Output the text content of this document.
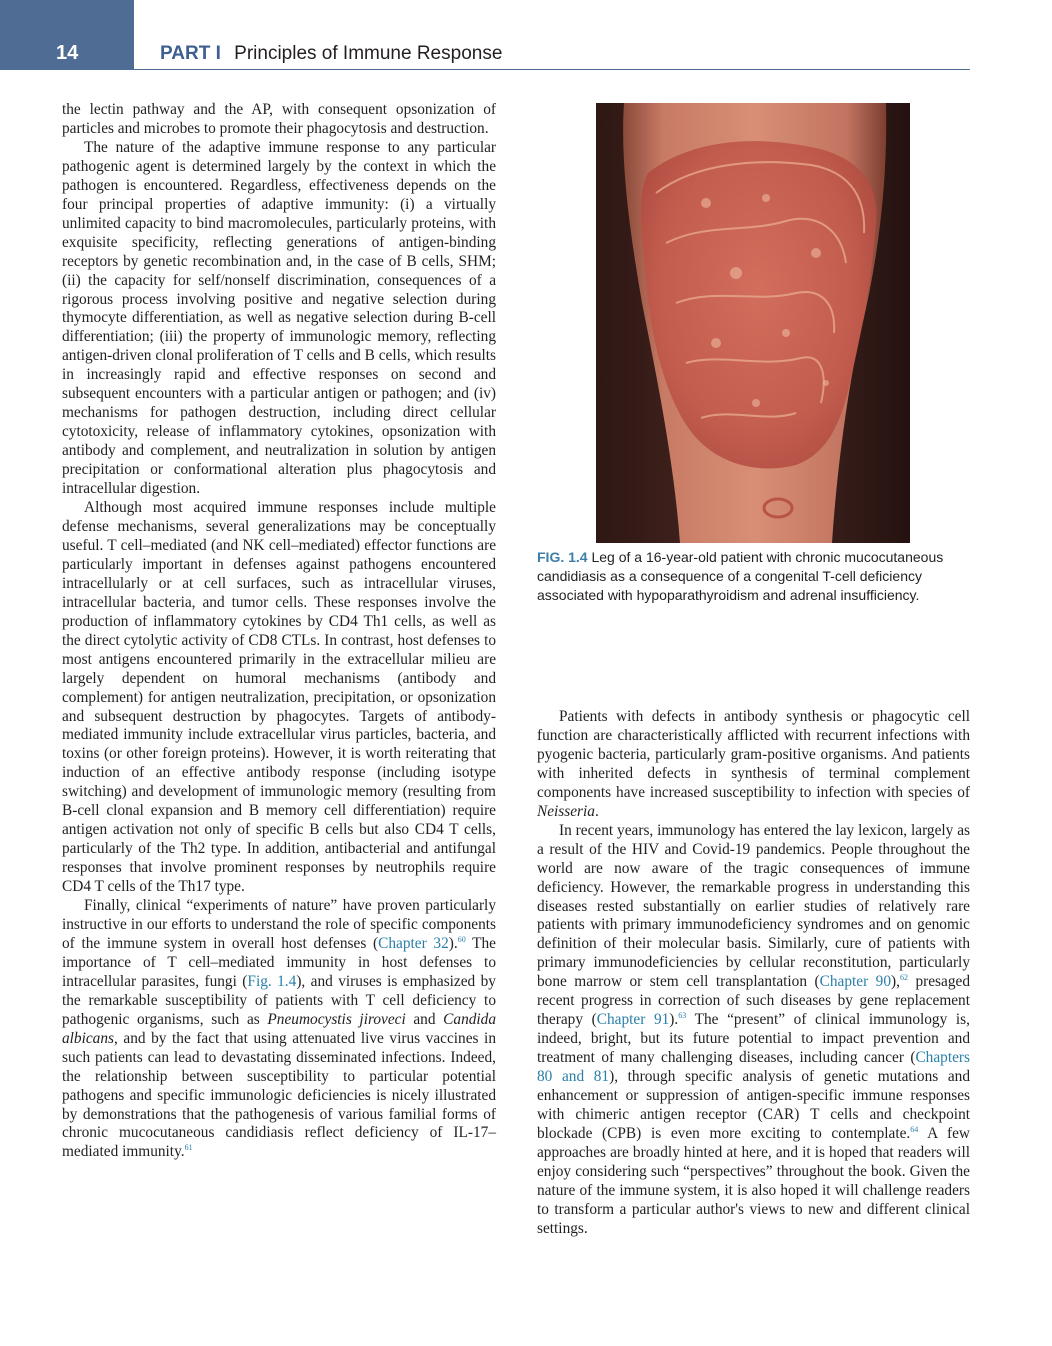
14	PART I Principles of Immune Response

the lectin pathway and the AP, with consequent opsonization of particles and microbes to promote their phagocytosis and destruction.

The nature of the adaptive immune response to any particular pathogenic agent is determined largely by the context in which the pathogen is encountered. Regardless, effectiveness depends on the four principal properties of adaptive immunity: (i) a virtually unlimited capacity to bind macromolecules, particularly proteins, with exquisite specificity, reflecting generations of antigen-binding receptors by genetic recombination and, in the case of B cells, SHM; (ii) the capacity for self/nonself discrimination, consequences of a rigorous process involving positive and negative selection during thymocyte differentiation, as well as negative selection during B-cell differentiation; (iii) the property of immunologic memory, reflecting antigen-driven clonal proliferation of T cells and B cells, which results in increasingly rapid and effective responses on second and subsequent encounters with a particular antigen or pathogen; and (iv) mechanisms for pathogen destruction, including direct cellular cytotoxicity, release of inflammatory cytokines, opsonization with antibody and complement, and neutralization in solution by antigen precipitation or conformational alteration plus phagocytosis and intracellular digestion.

Although most acquired immune responses include multiple defense mechanisms, several generalizations may be conceptually useful. T cell–mediated (and NK cell–mediated) effector functions are particularly important in defenses against pathogens encountered intracellularly or at cell surfaces, such as intracellular viruses, intracellular bacteria, and tumor cells. These responses involve the production of inflammatory cytokines by CD4 Th1 cells, as well as the direct cytolytic activity of CD8 CTLs. In contrast, host defenses to most antigens encountered primarily in the extracellular milieu are largely dependent on humoral mechanisms (antibody and complement) for antigen neutralization, precipitation, or opsonization and subsequent destruction by phagocytes. Targets of antibody-mediated immunity include extracellular virus particles, bacteria, and toxins (or other foreign proteins). However, it is worth reiterating that induction of an effective antibody response (including isotype switching) and development of immunologic memory (resulting from B-cell clonal expansion and B memory cell differentiation) require antigen activation not only of specific B cells but also CD4 T cells, particularly of the Th2 type. In addition, antibacterial and antifungal responses that involve prominent responses by neutrophils require CD4 T cells of the Th17 type.

Finally, clinical “experiments of nature” have proven particularly instructive in our efforts to understand the role of specific components of the immune system in overall host defenses (Chapter 32).$^{60}$ The importance of T cell–mediated immunity in host defenses to intracellular parasites, fungi (Fig. 1.4), and viruses is emphasized by the remarkable susceptibility of patients with T cell deficiency to pathogenic organisms, such as Pneumocystis jiroveci and Candida albicans, and by the fact that using attenuated live virus vaccines in such patients can lead to devastating disseminated infections. Indeed, the relationship between susceptibility to particular potential pathogens and specific immunologic deficiencies is nicely illustrated by demonstrations that the pathogenesis of various familial forms of chronic mucocutaneous candidiasis reflect deficiency of IL-17–mediated immunity.$^{61}$

FIG. 1.4 Leg of a 16-year-old patient with chronic mucocutaneous candidiasis as a consequence of a congenital T-cell deficiency associated with hypoparathyroidism and adrenal insufficiency.

Patients with defects in antibody synthesis or phagocytic cell function are characteristically afflicted with recurrent infections with pyogenic bacteria, particularly gram-positive organisms. And patients with inherited defects in synthesis of terminal complement components have increased susceptibility to infection with species of Neisseria.

In recent years, immunology has entered the lay lexicon, largely as a result of the HIV and Covid-19 pandemics. People throughout the world are now aware of the tragic consequences of immune deficiency. However, the remarkable progress in understanding this diseases rested substantially on earlier studies of relatively rare patients with primary immunodeficiency syndromes and on genomic definition of their molecular basis. Similarly, cure of patients with primary immunodeficiencies by cellular reconstitution, particularly bone marrow or stem cell transplantation (Chapter 90),$^{62}$ presaged recent progress in correction of such diseases by gene replacement therapy (Chapter 91).$^{63}$ The “present” of clinical immunology is, indeed, bright, but its future potential to impact prevention and treatment of many challenging diseases, including cancer (Chapters 80 and 81), through specific analysis of genetic mutations and enhancement or suppression of antigen-specific immune responses with chimeric antigen receptor (CAR) T cells and checkpoint blockade (CPB) is even more exciting to contemplate.$^{64}$ A few approaches are broadly hinted at here, and it is hoped that readers will enjoy considering such “perspectives” throughout the book. Given the nature of the immune system, it is also hoped it will challenge readers to transform a particular author's views to new and different clinical settings.
